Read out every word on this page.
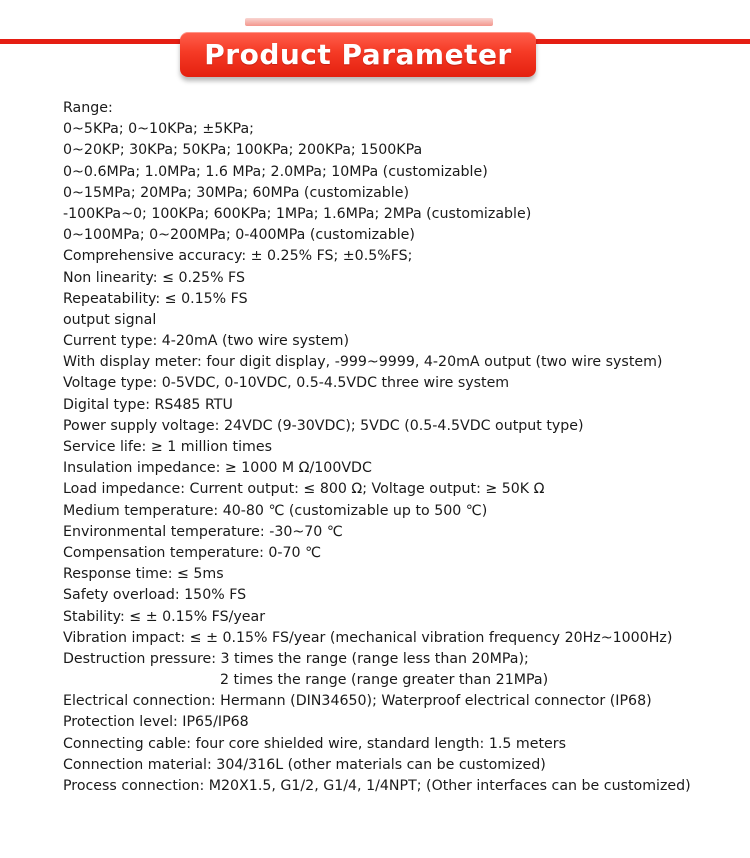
Product Parameter
Range:
0~5KPa; 0~10KPa; ±5KPa;
0~20KP; 30KPa; 50KPa; 100KPa; 200KPa; 1500KPa
0~0.6MPa; 1.0MPa; 1.6 MPa; 2.0MPa; 10MPa (customizable)
0~15MPa; 20MPa; 30MPa; 60MPa (customizable)
-100KPa~0; 100KPa; 600KPa; 1MPa; 1.6MPa; 2MPa (customizable)
0~100MPa; 0~200MPa; 0-400MPa (customizable)
Comprehensive accuracy: ± 0.25% FS; ±0.5%FS;
Non linearity: ≤ 0.25% FS
Repeatability: ≤ 0.15% FS
output signal
Current type: 4-20mA (two wire system)
With display meter: four digit display, -999~9999, 4-20mA output (two wire system)
Voltage type: 0-5VDC, 0-10VDC, 0.5-4.5VDC three wire system
Digital type: RS485 RTU
Power supply voltage: 24VDC (9-30VDC); 5VDC (0.5-4.5VDC output type)
Service life: ≥ 1 million times
Insulation impedance: ≥ 1000 M Ω/100VDC
Load impedance: Current output: ≤ 800 Ω; Voltage output: ≥ 50K Ω
Medium temperature: 40-80 ℃ (customizable up to 500 ℃)
Environmental temperature: -30~70 ℃
Compensation temperature: 0-70 ℃
Response time: ≤ 5ms
Safety overload: 150% FS
Stability: ≤ ± 0.15% FS/year
Vibration impact: ≤ ± 0.15% FS/year (mechanical vibration frequency 20Hz~1000Hz)
Destruction pressure: 3 times the range (range less than 20MPa);
2 times the range (range greater than 21MPa)
Electrical connection: Hermann (DIN34650); Waterproof electrical connector (IP68)
Protection level: IP65/IP68
Connecting cable: four core shielded wire, standard length: 1.5 meters
Connection material: 304/316L (other materials can be customized)
Process connection: M20X1.5, G1/2, G1/4, 1/4NPT; (Other interfaces can be customized)
